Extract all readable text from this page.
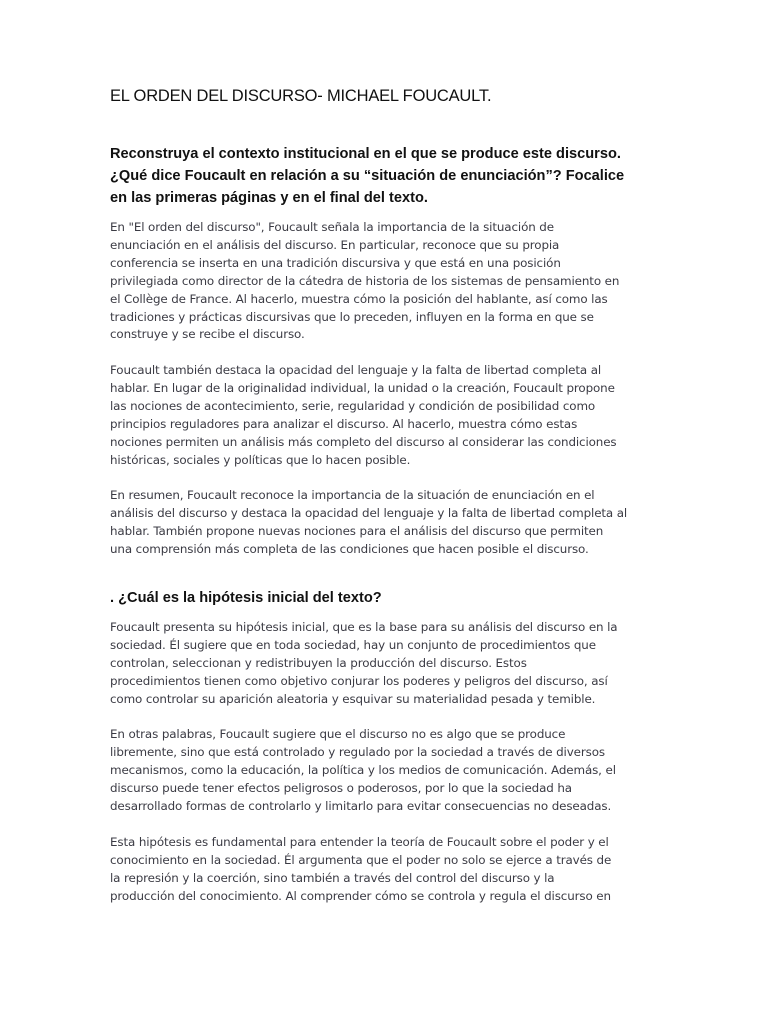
EL ORDEN DEL DISCURSO- MICHAEL FOUCAULT.
Reconstruya el contexto institucional en el que se produce este discurso.
¿Qué dice Foucault en relación a su “situación de enunciación”? Focalice
en las primeras páginas y en el final del texto.

En "El orden del discurso", Foucault señala la importancia de la situación de
enunciación en el análisis del discurso. En particular, reconoce que su propia
conferencia se inserta en una tradición discursiva y que está en una posición
privilegiada como director de la cátedra de historia de los sistemas de pensamiento en
el Collège de France. Al hacerlo, muestra cómo la posición del hablante, así como las
tradiciones y prácticas discursivas que lo preceden, influyen en la forma en que se
construye y se recibe el discurso.

Foucault también destaca la opacidad del lenguaje y la falta de libertad completa al
hablar. En lugar de la originalidad individual, la unidad o la creación, Foucault propone
las nociones de acontecimiento, serie, regularidad y condición de posibilidad como
principios reguladores para analizar el discurso. Al hacerlo, muestra cómo estas
nociones permiten un análisis más completo del discurso al considerar las condiciones
históricas, sociales y políticas que lo hacen posible.

En resumen, Foucault reconoce la importancia de la situación de enunciación en el
análisis del discurso y destaca la opacidad del lenguaje y la falta de libertad completa al
hablar. También propone nuevas nociones para el análisis del discurso que permiten
una comprensión más completa de las condiciones que hacen posible el discurso.

. ¿Cuál es la hipótesis inicial del texto?

Foucault presenta su hipótesis inicial, que es la base para su análisis del discurso en la
sociedad. Él sugiere que en toda sociedad, hay un conjunto de procedimientos que
controlan, seleccionan y redistribuyen la producción del discurso. Estos
procedimientos tienen como objetivo conjurar los poderes y peligros del discurso, así
como controlar su aparición aleatoria y esquivar su materialidad pesada y temible.

En otras palabras, Foucault sugiere que el discurso no es algo que se produce
libremente, sino que está controlado y regulado por la sociedad a través de diversos
mecanismos, como la educación, la política y los medios de comunicación. Además, el
discurso puede tener efectos peligrosos o poderosos, por lo que la sociedad ha
desarrollado formas de controlarlo y limitarlo para evitar consecuencias no deseadas.

Esta hipótesis es fundamental para entender la teoría de Foucault sobre el poder y el
conocimiento en la sociedad. Él argumenta que el poder no solo se ejerce a través de
la represión y la coerción, sino también a través del control del discurso y la
producción del conocimiento. Al comprender cómo se controla y regula el discurso en
